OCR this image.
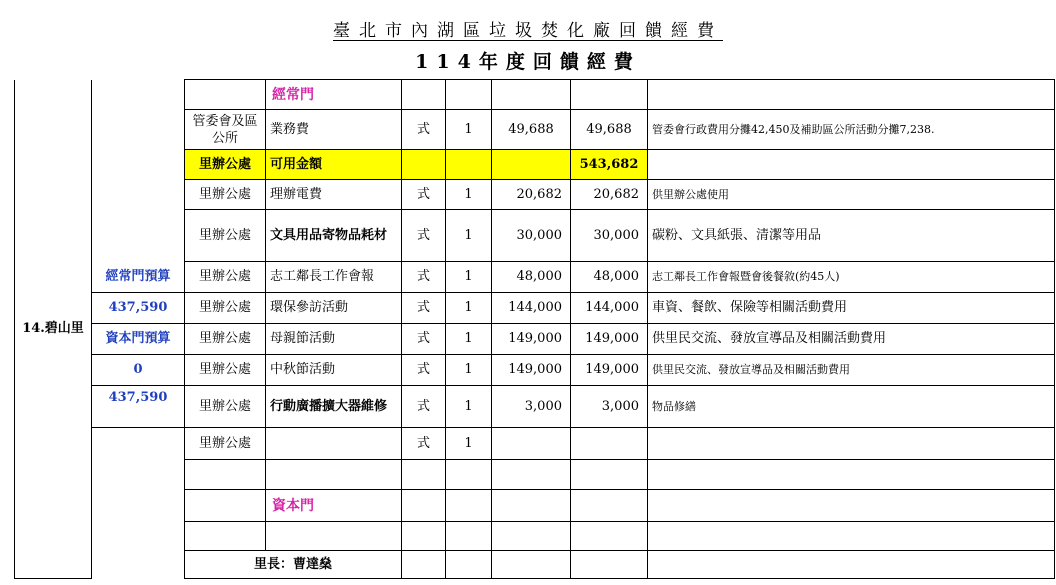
臺北市內湖區垃圾焚化廠回饋經費
114年度回饋經費
14.碧山里			經常門						
		管委會及區公所	業務費	式	1	49,688	49,688	管委會行政費用分攤42,450及補助區公所活動分攤7,238.	
		里辦公處	可用金額				543,682		
		里辦公處	理辦電費	式	1	20,682	20,682	供里辦公處使用	
		里辦公處	文具用品寄物品耗材	式	1	30,000	30,000	碳粉、文具紙張、清潔等用品	
	經常門預算	里辦公處	志工鄰長工作會報	式	1	48,000	48,000	志工鄰長工作會報暨會後餐敘(約45人)	
	437,590	里辦公處	環保參訪活動	式	1	144,000	144,000	車資、餐飲、保險等相關活動費用	
	資本門預算	里辦公處	母親節活動	式	1	149,000	149,000	供里民交流、發放宣導品及相關活動費用	
	0	里辦公處	中秋節活動	式	1	149,000	149,000	供里民交流、發放宣導品及相關活動費用	
	437,590	里辦公處	行動廣播擴大器維修	式	1	3,000	3,000	物品修繕	
		里辦公處		式	1				

			資本門						

		里長：曹達燊							
